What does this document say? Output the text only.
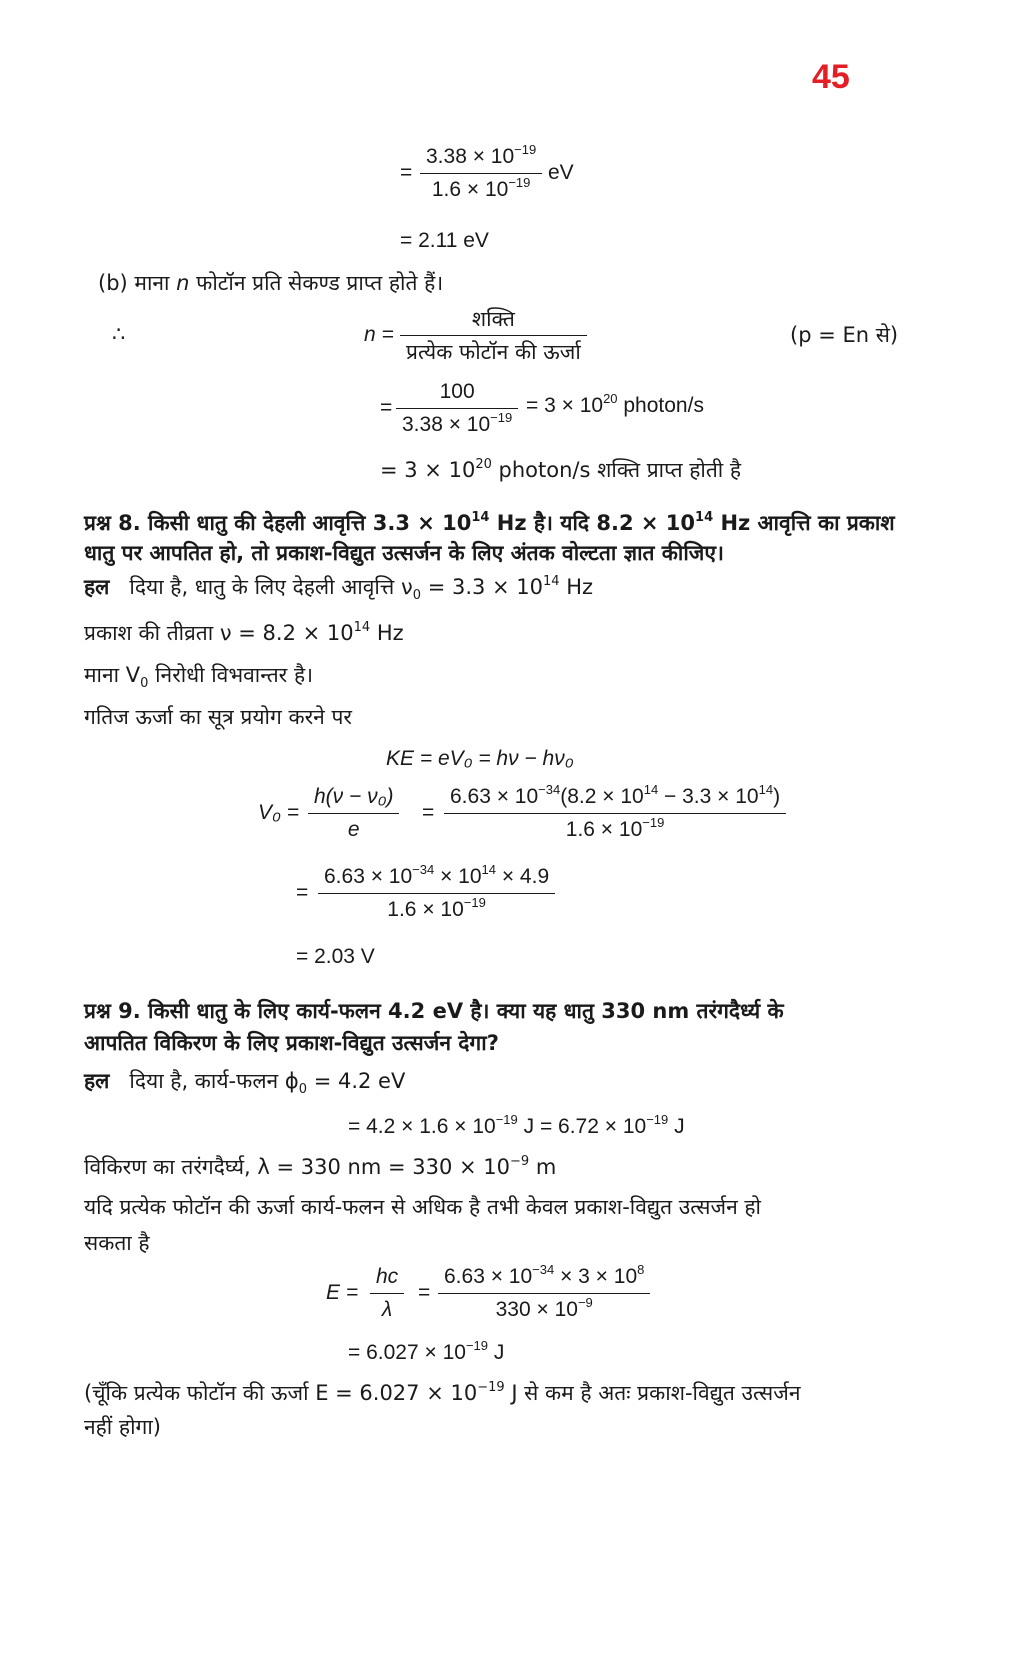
45
=
$3.38 \times 10^{-19}$
$1.6 \times 10^{-19}$ eV
= 2.11 eV
(b) माना n फोटॉन प्रति सेकण्ड प्राप्त होते हैं।
∴	n =
शक्ति
प्रत्येक फोटॉन की ऊर्जा
(p = En से)
=
100
$3.38 \times 10^{-19}$
= $3 \times 10^{20}$ photon/s
= $3 \times 10^{20}$ photon/s शक्ति प्राप्त होती है
प्रश्न 8. किसी धातु की देहली आवृत्ति $3.3 \times 10^{14}$ Hz है। यदि $8.2 \times 10^{14}$ Hz आवृत्ति का प्रकाश
धातु पर आपतित हो, तो प्रकाश-विद्युत उत्सर्जन के लिए अंतक वोल्टता ज्ञात कीजिए।
हल दिया है, धातु के लिए देहली आवृत्ति $\nu_0 = 3.3 \times 10^{14}$ Hz
प्रकाश की तीव्रता $\nu = 8.2 \times 10^{14}$ Hz
माना $V_0$ निरोधी विभवान्तर है।
गतिज ऊर्जा का सूत्र प्रयोग करने पर
KE = eV₀ = hν − hν₀
V₀ =
h(ν − ν₀)
e
=
$6.63 \times 10^{-34}(8.2 \times 10^{14} - 3.3 \times 10^{14})$
$1.6 \times 10^{-19}$
=
$6.63 \times 10^{-34} \times 10^{14} \times 4.9$
$1.6 \times 10^{-19}$
= 2.03 V
प्रश्न 9. किसी धातु के लिए कार्य-फलन 4.2 eV है। क्या यह धातु 330 nm तरंगदैर्ध्य के
आपतित विकिरण के लिए प्रकाश-विद्युत उत्सर्जन देगा?
हल दिया है, कार्य-फलन $\phi_0 = 4.2$ eV
= $4.2 \times 1.6 \times 10^{-19}$ $J = 6.72 \times 10^{-19}$ J
विकिरण का तरंगदैर्घ्य, λ = 330 nm = $330 \times 10^{-9}$ m
यदि प्रत्येक फोटॉन की ऊर्जा कार्य-फलन से अधिक है तभी केवल प्रकाश-विद्युत उत्सर्जन हो
सकता है
E =
hc
λ
=
$6.63 \times 10^{-34} \times 3 \times 10^8$
$330 \times 10^{-9}$
= $6.027 \times 10^{-19}$ J
(चूँकि प्रत्येक फोटॉन की ऊर्जा $E = 6.027 \times 10^{-19}$ J से कम है अतः प्रकाश-विद्युत उत्सर्जन
नहीं होगा)
